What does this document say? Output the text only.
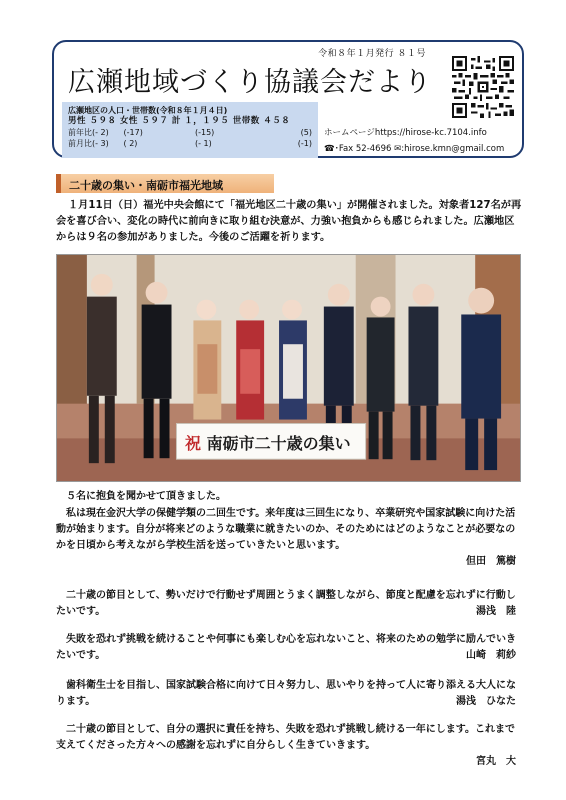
令和８年１月発行 ８１号
広瀬地域づくり協議会だより
広瀬地区の人口・世帯数(令和８年１月４日)
男性 ５９８ 女性 ５９７ 計 １，１９５ 世帯数 ４５８
前年比(- 2)	(-17)	(-15)	(5)
前月比(- 3)	( 2)	(- 1)	(-1)
ホームページhttps://hirose-kc.7104.info
☎･Fax 52-4696 ✉:hirose.kmn@gmail.com
二十歳の集い・南砺市福光地域
１月11日（日）福光中央会館にて「福光地区二十歳の集い」が開催されました。対象者127名が再会を喜び合い、変化の時代に前向きに取り組む決意が、力強い抱負からも感じられました。広瀬地区からは９名の参加がありました。今後のご活躍を祈ります。
祝 南砺市二十歳の集い
５名に抱負を聞かせて頂きました。
私は現在金沢大学の保健学類の二回生です。来年度は三回生になり、卒業研究や国家試験に向けた活動が始まります。自分が将来どのような職業に就きたいのか、そのためにはどのようなことが必要なのかを日頃から考えながら学校生活を送っていきたいと思います。
但田　篤樹
二十歳の節目として、勢いだけで行動せず周囲とうまく調整しながら、節度と配慮を忘れずに行動したいです。	湯浅　陸
失敗を恐れず挑戦を続けることや何事にも楽しむ心を忘れないこと、将来のための勉学に励んでいきたいです。	山崎　莉紗
歯科衛生士を目指し、国家試験合格に向けて日々努力し、思いやりを持って人に寄り添える大人になります。	湯浅　ひなた
二十歳の節目として、自分の選択に責任を持ち、失敗を恐れず挑戦し続ける一年にします。これまで支えてくださった方々への感謝を忘れずに自分らしく生きていきます。
宮丸　大
